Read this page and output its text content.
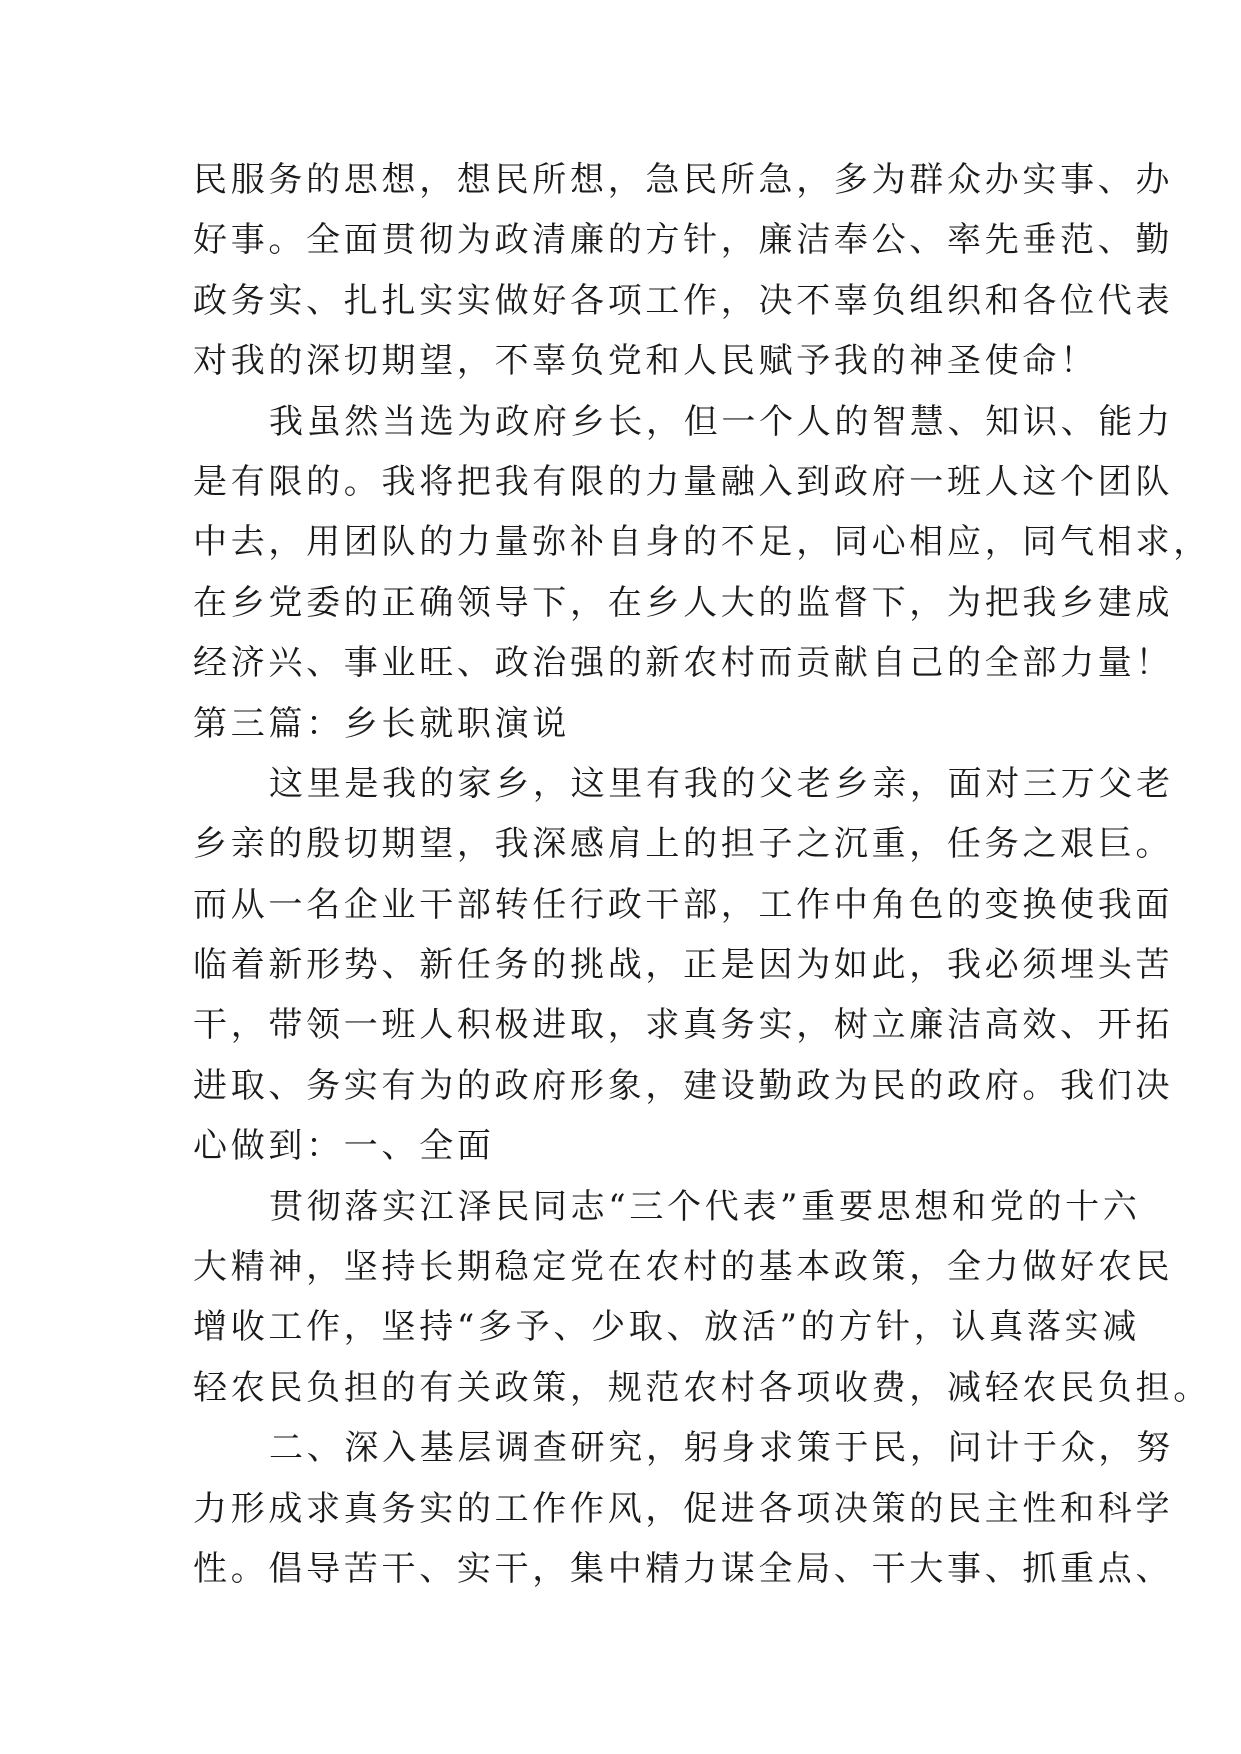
民服务的思想，想民所想，急民所急，多为群众办实事、办
好事。全面贯彻为政清廉的方针，廉洁奉公、率先垂范、勤
政务实、扎扎实实做好各项工作，决不辜负组织和各位代表
对我的深切期望，不辜负党和人民赋予我的神圣使命！
我虽然当选为政府乡长，但一个人的智慧、知识、能力
是有限的。我将把我有限的力量融入到政府一班人这个团队
中去，用团队的力量弥补自身的不足，同心相应，同气相求，
在乡党委的正确领导下，在乡人大的监督下，为把我乡建成
经济兴、事业旺、政治强的新农村而贡献自己的全部力量！
第三篇：乡长就职演说
这里是我的家乡，这里有我的父老乡亲，面对三万父老
乡亲的殷切期望，我深感肩上的担子之沉重，任务之艰巨。
而从一名企业干部转任行政干部，工作中角色的变换使我面
临着新形势、新任务的挑战，正是因为如此，我必须埋头苦
干，带领一班人积极进取，求真务实，树立廉洁高效、开拓
进取、务实有为的政府形象，建设勤政为民的政府。我们决
心做到：一、全面
贯彻落实江泽民同志“三个代表”重要思想和党的十六
大精神，坚持长期稳定党在农村的基本政策，全力做好农民
增收工作，坚持“多予、少取、放活”的方针，认真落实减
轻农民负担的有关政策，规范农村各项收费，减轻农民负担。
二、深入基层调查研究，躬身求策于民，问计于众，努
力形成求真务实的工作作风，促进各项决策的民主性和科学
性。倡导苦干、实干，集中精力谋全局、干大事、抓重点、
